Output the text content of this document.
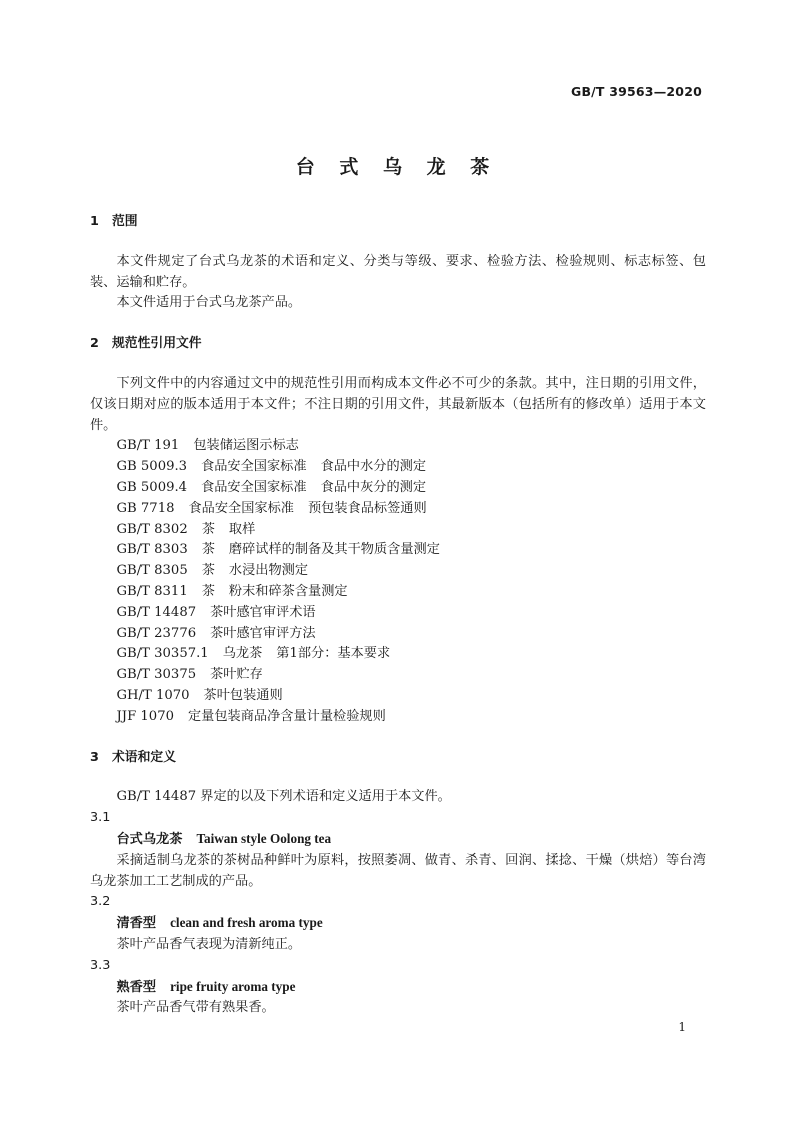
GB/T 39563—2020
台 式 乌 龙 茶

1 范围

本文件规定了台式乌龙茶的术语和定义、分类与等级、要求、检验方法、检验规则、标志标签、包装、运输和贮存。

本文件适用于台式乌龙茶产品。

2 规范性引用文件

下列文件中的内容通过文中的规范性引用而构成本文件必不可少的条款。其中，注日期的引用文件，仅该日期对应的版本适用于本文件；不注日期的引用文件，其最新版本（包括所有的修改单）适用于本文件。

GB/T 191 包装储运图示标志

GB 5009.3 食品安全国家标准 食品中水分的测定

GB 5009.4 食品安全国家标准 食品中灰分的测定

GB 7718 食品安全国家标准 预包装食品标签通则

GB/T 8302 茶 取样

GB/T 8303 茶 磨碎试样的制备及其干物质含量测定

GB/T 8305 茶 水浸出物测定

GB/T 8311 茶 粉末和碎茶含量测定

GB/T 14487 茶叶感官审评术语

GB/T 23776 茶叶感官审评方法

GB/T 30357.1 乌龙茶 第1部分：基本要求

GB/T 30375 茶叶贮存

GH/T 1070 茶叶包装通则

JJF 1070 定量包装商品净含量计量检验规则

3 术语和定义

GB/T 14487 界定的以及下列术语和定义适用于本文件。

3.1

台式乌龙茶 Taiwan style Oolong tea

采摘适制乌龙茶的茶树品种鲜叶为原料，按照萎凋、做青、杀青、回润、揉捻、干燥（烘焙）等台湾乌龙茶加工工艺制成的产品。

3.2

清香型 clean and fresh aroma type

茶叶产品香气表现为清新纯正。

3.3

熟香型 ripe fruity aroma type

茶叶产品香气带有熟果香。

1
